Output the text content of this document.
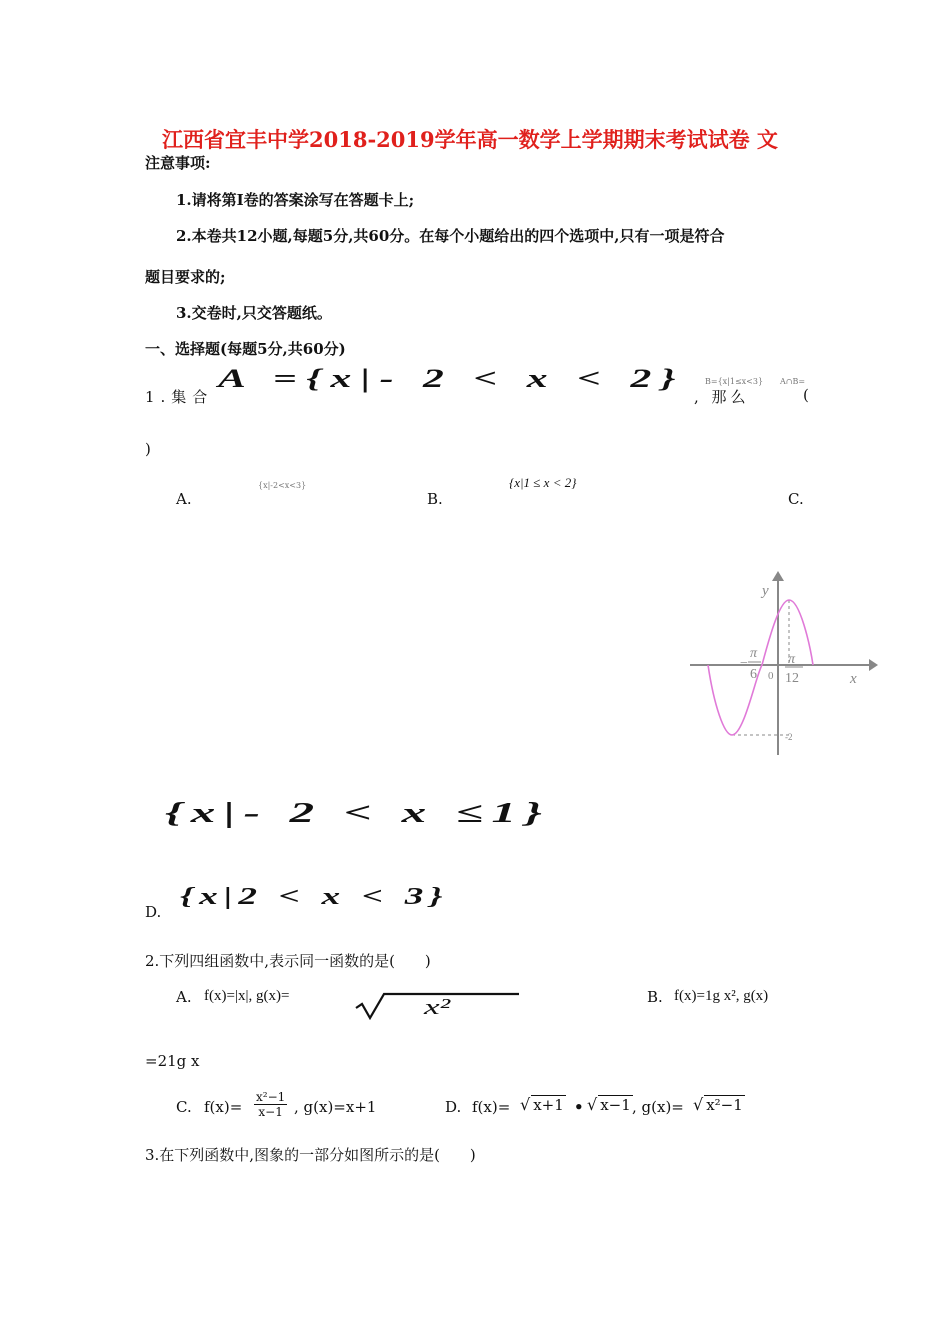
江西省宜丰中学2018-2019学年高一数学上学期期末考试试卷 文
注意事项:
1.请将第Ⅰ卷的答案涂写在答题卡上;
2.本卷共12小题,每题5分,共60分。在每个小题给出的四个选项中,只有一项是符合
题目要求的;
3.交卷时,只交答题纸。
一、选择题(每题5分,共60分)
1.集合
A ={x|- 2 < x < 2}	B={x|1≤x<3}
, 那么
A∩B=
(
)
A.
{x|-2<x<3}
B.
{x|1 ≤ x < 2}
C.
y
x
0
−
π
6
π
12
-2
{x|- 2 < x ≤1}
D.
{x|2 < x < 3}
2.下列四组函数中,表示同一函数的是(　　)
A. f(x)=|x|, g(x)=	x²	B. f(x)=1g x², g(x)
=21g x
C. $f(x)= \frac{\text{x²−1}}{x-1}$ , g(x)=x+1	D. f(x)= √ x+1 • √ x−1 , g(x)= √ x²−1
3.在下列函数中,图象的一部分如图所示的是(　　)
